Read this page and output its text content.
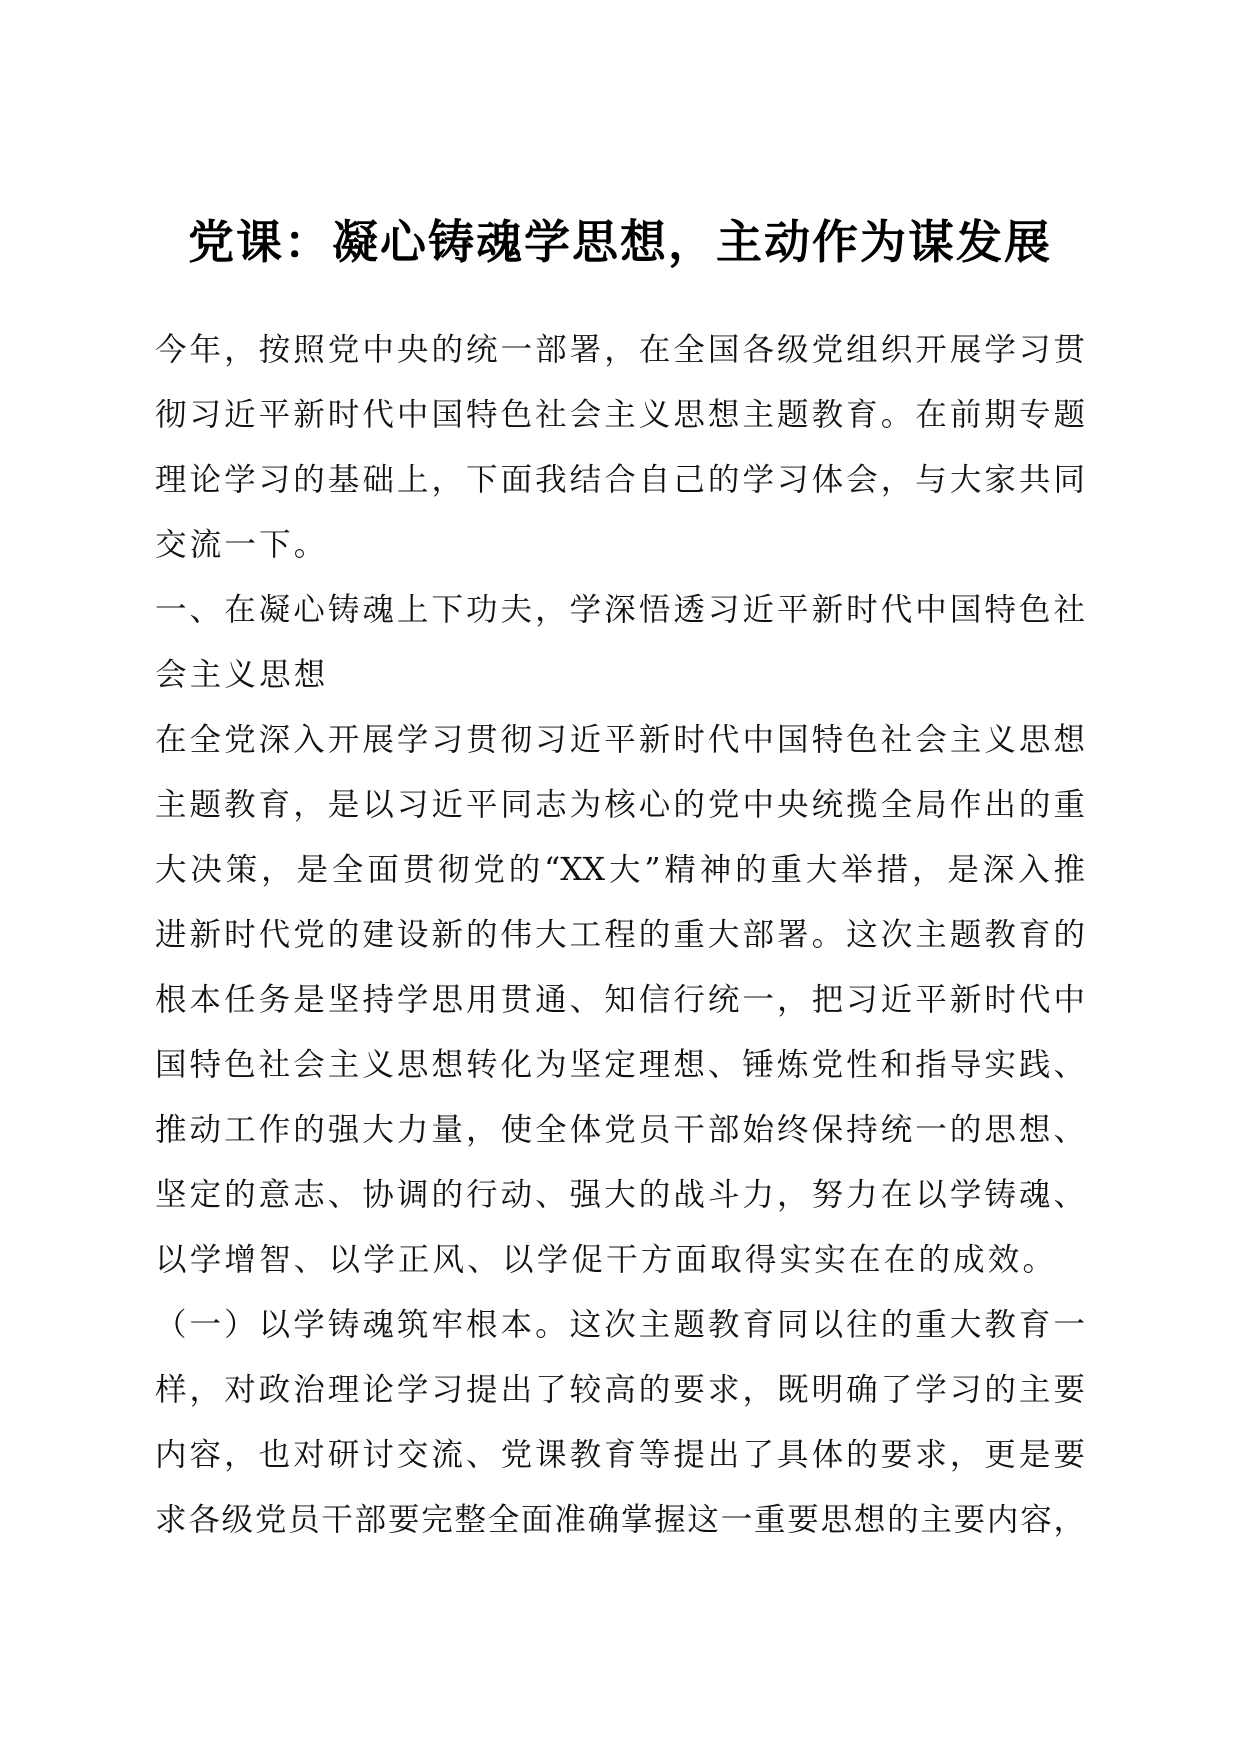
党课：凝心铸魂学思想，主动作为谋发展
今年，按照党中央的统一部署，在全国各级党组织开展学习贯
彻习近平新时代中国特色社会主义思想主题教育。在前期专题
理论学习的基础上，下面我结合自己的学习体会，与大家共同
交流一下。
一、在凝心铸魂上下功夫，学深悟透习近平新时代中国特色社
会主义思想
在全党深入开展学习贯彻习近平新时代中国特色社会主义思想
主题教育，是以习近平同志为核心的党中央统揽全局作出的重
大决策，是全面贯彻党的“XX大”精神的重大举措，是深入推
进新时代党的建设新的伟大工程的重大部署。这次主题教育的
根本任务是坚持学思用贯通、知信行统一，把习近平新时代中
国特色社会主义思想转化为坚定理想、锤炼党性和指导实践、
推动工作的强大力量，使全体党员干部始终保持统一的思想、
坚定的意志、协调的行动、强大的战斗力，努力在以学铸魂、
以学增智、以学正风、以学促干方面取得实实在在的成效。
（一）以学铸魂筑牢根本。这次主题教育同以往的重大教育一
样，对政治理论学习提出了较高的要求，既明确了学习的主要
内容，也对研讨交流、党课教育等提出了具体的要求，更是要
求各级党员干部要完整全面准确掌握这一重要思想的主要内容，
